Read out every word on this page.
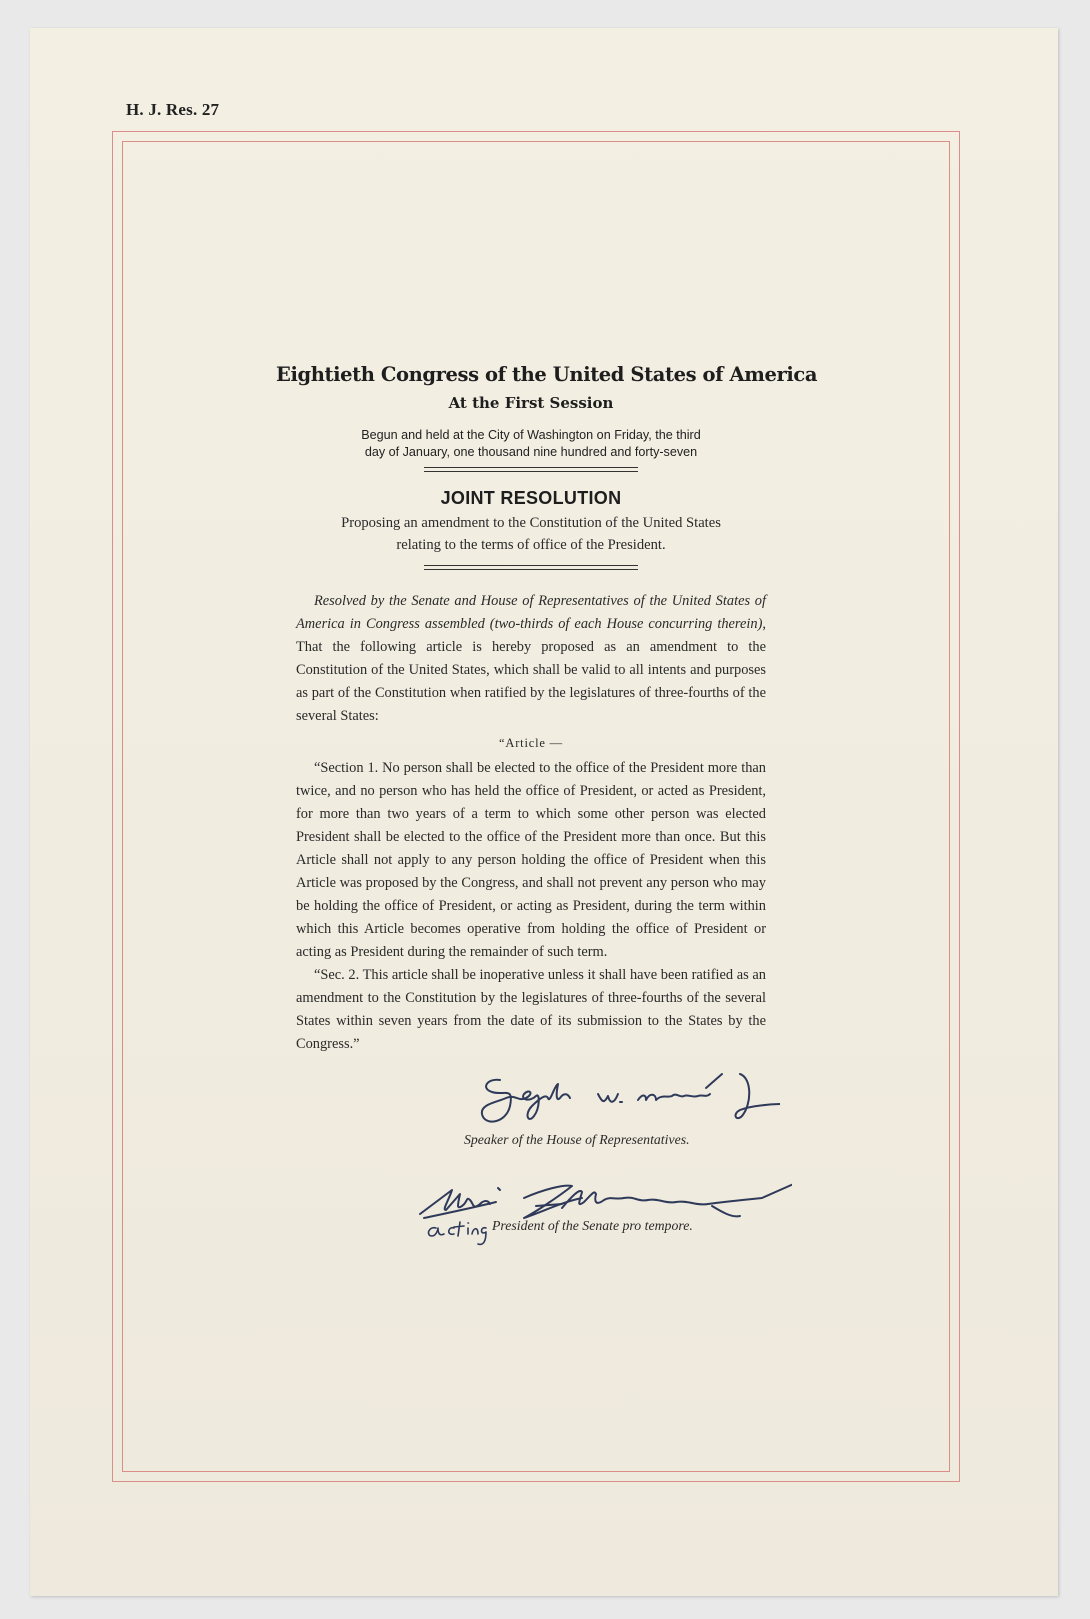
H. J. Res. 27
Eightieth Congress of the United States of America
At the First Session
Begun and held at the City of Washington on Friday, the third
day of January, one thousand nine hundred and forty-seven
JOINT RESOLUTION
Proposing an amendment to the Constitution of the United States
relating to the terms of office of the President.

Resolved by the Senate and House of Representatives of the United States of America in Congress assembled (two-thirds of each House concurring therein), That the following article is hereby proposed as an amendment to the Constitution of the United States, which shall be valid to all intents and purposes as part of the Constitution when ratified by the legislatures of three-fourths of the several States:

“Article —

“Section 1. No person shall be elected to the office of the President more than twice, and no person who has held the office of President, or acted as President, for more than two years of a term to which some other person was elected President shall be elected to the office of the President more than once. But this Article shall not apply to any person holding the office of President when this Article was proposed by the Congress, and shall not prevent any person who may be holding the office of President, or acting as President, during the term within which this Article becomes operative from holding the office of President or acting as President during the remainder of such term.

“Sec. 2. This article shall be inoperative unless it shall have been ratified as an amendment to the Constitution by the legislatures of three-fourths of the several States within seven years from the date of its submission to the States by the Congress.”

Speaker of the House of Representatives.
President of the Senate pro tempore.
